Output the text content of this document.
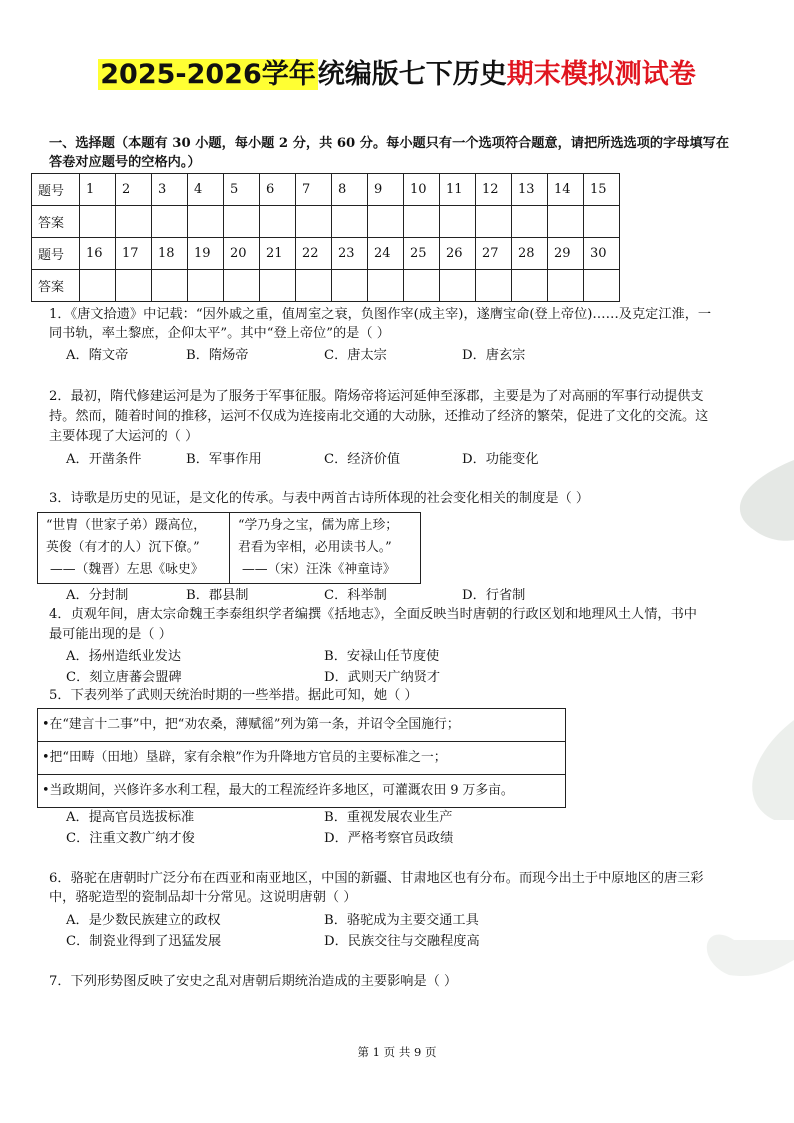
2025-2026学年统编版七下历史期末模拟测试卷
一、选择题（本题有 30 小题，每小题 2 分，共 60 分。每小题只有一个选项符合题意，请把所选选项的字母填写在
答卷对应题号的空格内。）
题号	1	2	3	4	5	6	7	8	9	10	11	12	13	14	15
答案															
题号	16	17	18	19	20	21	22	23	24	25	26	27	28	29	30
答案															
1．《唐文拾遗》中记载：“因外戚之重，值周室之衰，负图作宰(成主宰)，遂膺宝命(登上帝位)……及克定江淮，一
同书轨，率土黎庶，企仰太平”。其中“登上帝位”的是（ ）
A．隋文帝	B．隋炀帝	C．唐太宗	D．唐玄宗
2．最初，隋代修建运河是为了服务于军事征服。隋炀帝将运河延伸至涿郡，主要是为了对高丽的军事行动提供支
持。然而，随着时间的推移，运河不仅成为连接南北交通的大动脉，还推动了经济的繁荣，促进了文化的交流。这
主要体现了大运河的（ ）
A．开凿条件	B．军事作用	C．经济价值	D．功能变化
3．诗歌是历史的见证，是文化的传承。与表中两首古诗所体现的社会变化相关的制度是（ ）
“世胄（世家子弟）蹑高位，
英俊（有才的人）沉下僚。”
——（魏晋）左思《咏史》
“学乃身之宝，儒为席上珍；
君看为宰相，必用读书人。”
——（宋）汪洙《神童诗》
A．分封制	B．郡县制	C．科举制	D．行省制
4．贞观年间，唐太宗命魏王李泰组织学者编撰《括地志》，全面反映当时唐朝的行政区划和地理风土人情，书中
最可能出现的是（ ）
A．扬州造纸业发达	B．安禄山任节度使
C．刻立唐蕃会盟碑	D．武则天广纳贤才
5．下表列举了武则天统治时期的一些举措。据此可知，她（ ）
•在“建言十二事”中，把“劝农桑，薄赋徭”列为第一条，并诏令全国施行；
•把“田畴（田地）垦辟，家有余粮”作为升降地方官员的主要标准之一；
•当政期间，兴修许多水利工程，最大的工程流经许多地区，可灌溉农田 9 万多亩。
A．提高官员选拔标准	B．重视发展农业生产
C．注重文教广纳才俊	D．严格考察官员政绩
6．骆驼在唐朝时广泛分布在西亚和南亚地区，中国的新疆、甘肃地区也有分布。而现今出土于中原地区的唐三彩
中，骆驼造型的瓷制品却十分常见。这说明唐朝（ ）
A．是少数民族建立的政权	B．骆驼成为主要交通工具
C．制瓷业得到了迅猛发展	D．民族交往与交融程度高
7．下列形势图反映了安史之乱对唐朝后期统治造成的主要影响是（ ）
第 1 页 共 9 页
